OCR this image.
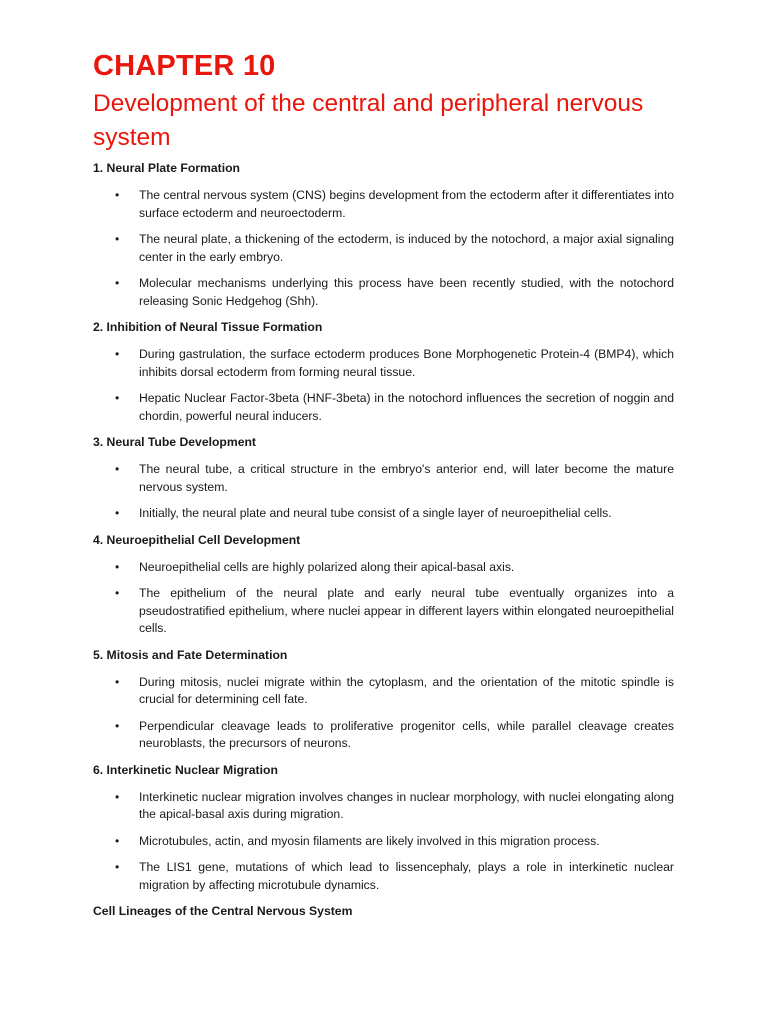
CHAPTER 10
Development of the central and peripheral nervous system

1. Neural Plate Formation

• The central nervous system (CNS) begins development from the ectoderm after it differentiates into surface ectoderm and neuroectoderm.
• The neural plate, a thickening of the ectoderm, is induced by the notochord, a major axial signaling center in the early embryo.
• Molecular mechanisms underlying this process have been recently studied, with the notochord releasing Sonic Hedgehog (Shh).

2. Inhibition of Neural Tissue Formation

• During gastrulation, the surface ectoderm produces Bone Morphogenetic Protein-4 (BMP4), which inhibits dorsal ectoderm from forming neural tissue.
• Hepatic Nuclear Factor-3beta (HNF-3beta) in the notochord influences the secretion of noggin and chordin, powerful neural inducers.

3. Neural Tube Development

• The neural tube, a critical structure in the embryo's anterior end, will later become the mature nervous system.
• Initially, the neural plate and neural tube consist of a single layer of neuroepithelial cells.

4. Neuroepithelial Cell Development

• Neuroepithelial cells are highly polarized along their apical-basal axis.
• The epithelium of the neural plate and early neural tube eventually organizes into a pseudostratified epithelium, where nuclei appear in different layers within elongated neuroepithelial cells.

5. Mitosis and Fate Determination

• During mitosis, nuclei migrate within the cytoplasm, and the orientation of the mitotic spindle is crucial for determining cell fate.
• Perpendicular cleavage leads to proliferative progenitor cells, while parallel cleavage creates neuroblasts, the precursors of neurons.

6. Interkinetic Nuclear Migration

• Interkinetic nuclear migration involves changes in nuclear morphology, with nuclei elongating along the apical-basal axis during migration.
• Microtubules, actin, and myosin filaments are likely involved in this migration process.
• The LIS1 gene, mutations of which lead to lissencephaly, plays a role in interkinetic nuclear migration by affecting microtubule dynamics.

Cell Lineages of the Central Nervous System
